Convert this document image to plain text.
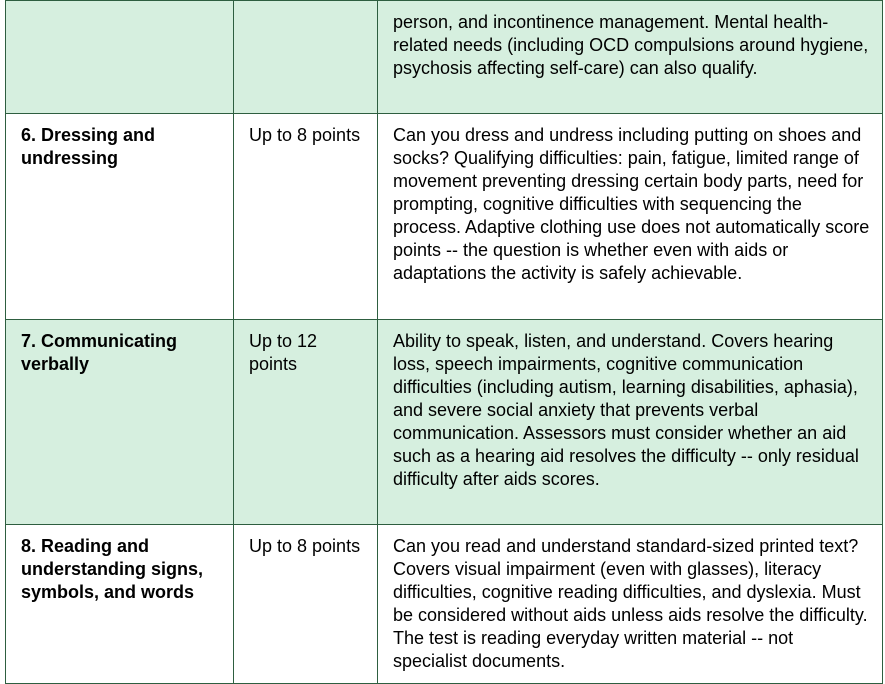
		person, and incontinence management. Mental health-related needs (including OCD compulsions around hygiene, psychosis affecting self-care) can also qualify.
6. Dressing and undressing	Up to 8 points	Can you dress and undress including putting on shoes and socks? Qualifying difficulties: pain, fatigue, limited range of movement preventing dressing certain body parts, need for prompting, cognitive difficulties with sequencing the process. Adaptive clothing use does not automatically score points -- the question is whether even with aids or adaptations the activity is safely achievable.
7. Communicating verbally	Up to 12 points	Ability to speak, listen, and understand. Covers hearing loss, speech impairments, cognitive communication difficulties (including autism, learning disabilities, aphasia), and severe social anxiety that prevents verbal communication. Assessors must consider whether an aid such as a hearing aid resolves the difficulty -- only residual difficulty after aids scores.
8. Reading and understanding signs, symbols, and words	Up to 8 points	Can you read and understand standard-sized printed text? Covers visual impairment (even with glasses), literacy difficulties, cognitive reading difficulties, and dyslexia. Must be considered without aids unless aids resolve the difficulty. The test is reading everyday written material -- not specialist documents.
